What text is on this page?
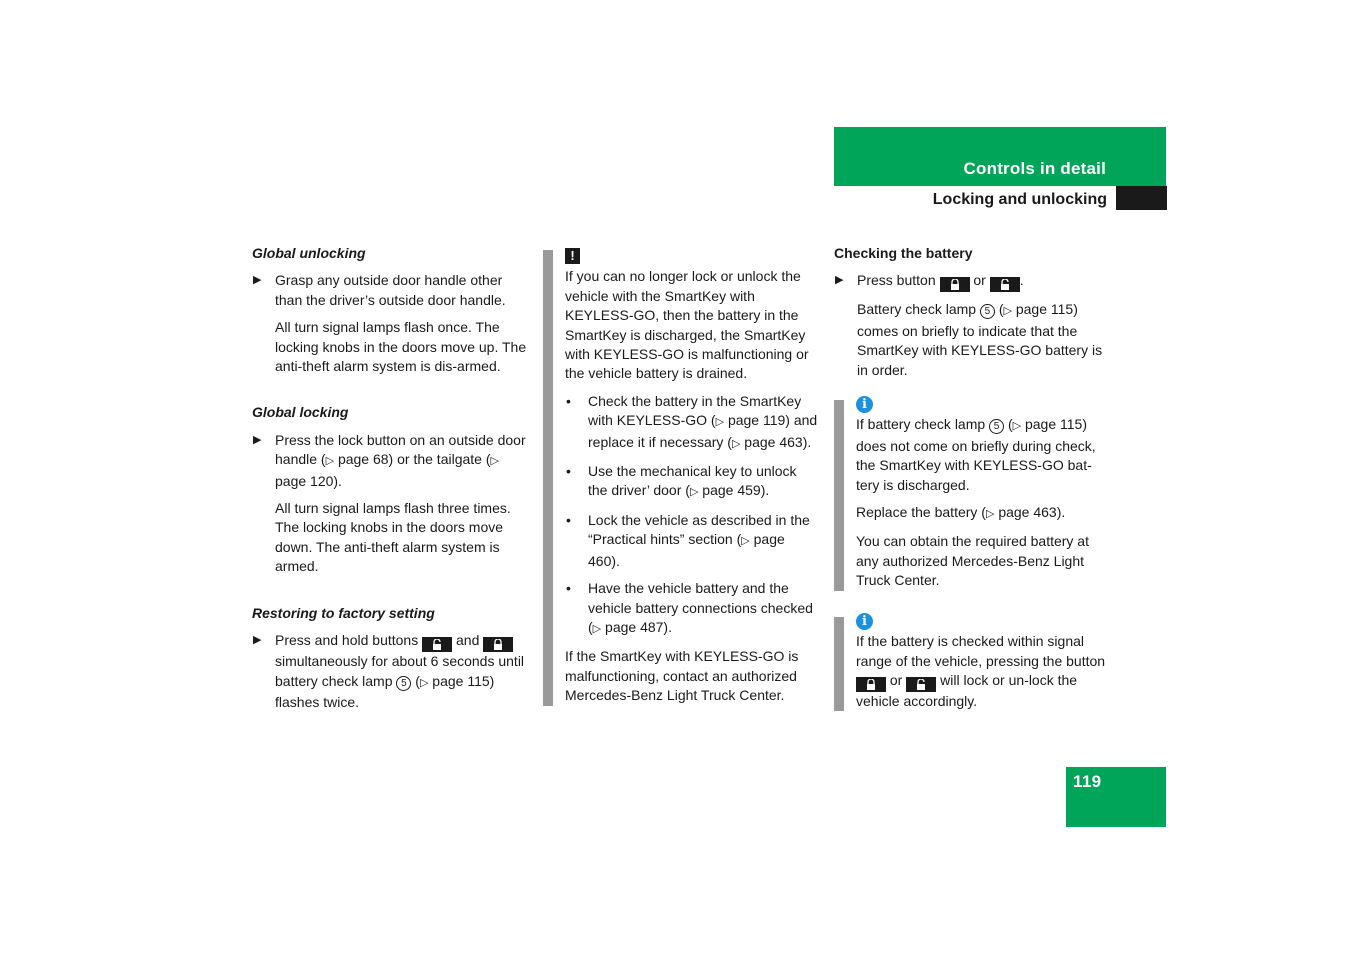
Controls in detail
Locking and unlocking
Global unlocking
▶ Grasp any outside door handle other than the driver’s outside door handle.
All turn signal lamps flash once. The locking knobs in the doors move up. The anti-theft alarm system is dis-armed.
Global locking
▶ Press the lock button on an outside door handle (▷ page 68) or the tailgate (▷ page 120).
All turn signal lamps flash three times. The locking knobs in the doors move down. The anti-theft alarm system is armed.
Restoring to factory setting
▶ Press and hold buttons  and  simultaneously for about 6 seconds until battery check lamp 5 (▷ page 115) flashes twice.
!

If you can no longer lock or unlock the vehicle with the SmartKey with KEYLESS-GO, then the battery in the SmartKey is discharged, the SmartKey with KEYLESS-GO is malfunctioning or the vehicle battery is drained.

• Check the battery in the SmartKey with KEYLESS-GO (▷ page 119) and replace it if necessary (▷ page 463).
• Use the mechanical key to unlock the driver’ door (▷ page 459).
• Lock the vehicle as described in the “Practical hints” section (▷ page 460).
• Have the vehicle battery and the vehicle battery connections checked (▷ page 487).

If the SmartKey with KEYLESS-GO is malfunctioning, contact an authorized Mercedes-Benz Light Truck Center.

Checking the battery
▶ Press button  or .
Battery check lamp 5 (▷ page 115) comes on briefly to indicate that the SmartKey with KEYLESS-GO battery is in order.
i

If battery check lamp 5 (▷ page 115) does not come on briefly during check, the SmartKey with KEYLESS-GO bat-tery is discharged.

Replace the battery (▷ page 463).

You can obtain the required battery at any authorized Mercedes-Benz Light Truck Center.

i

If the battery is checked within signal range of the vehicle, pressing the button  or  will lock or un-lock the vehicle accordingly.

119
